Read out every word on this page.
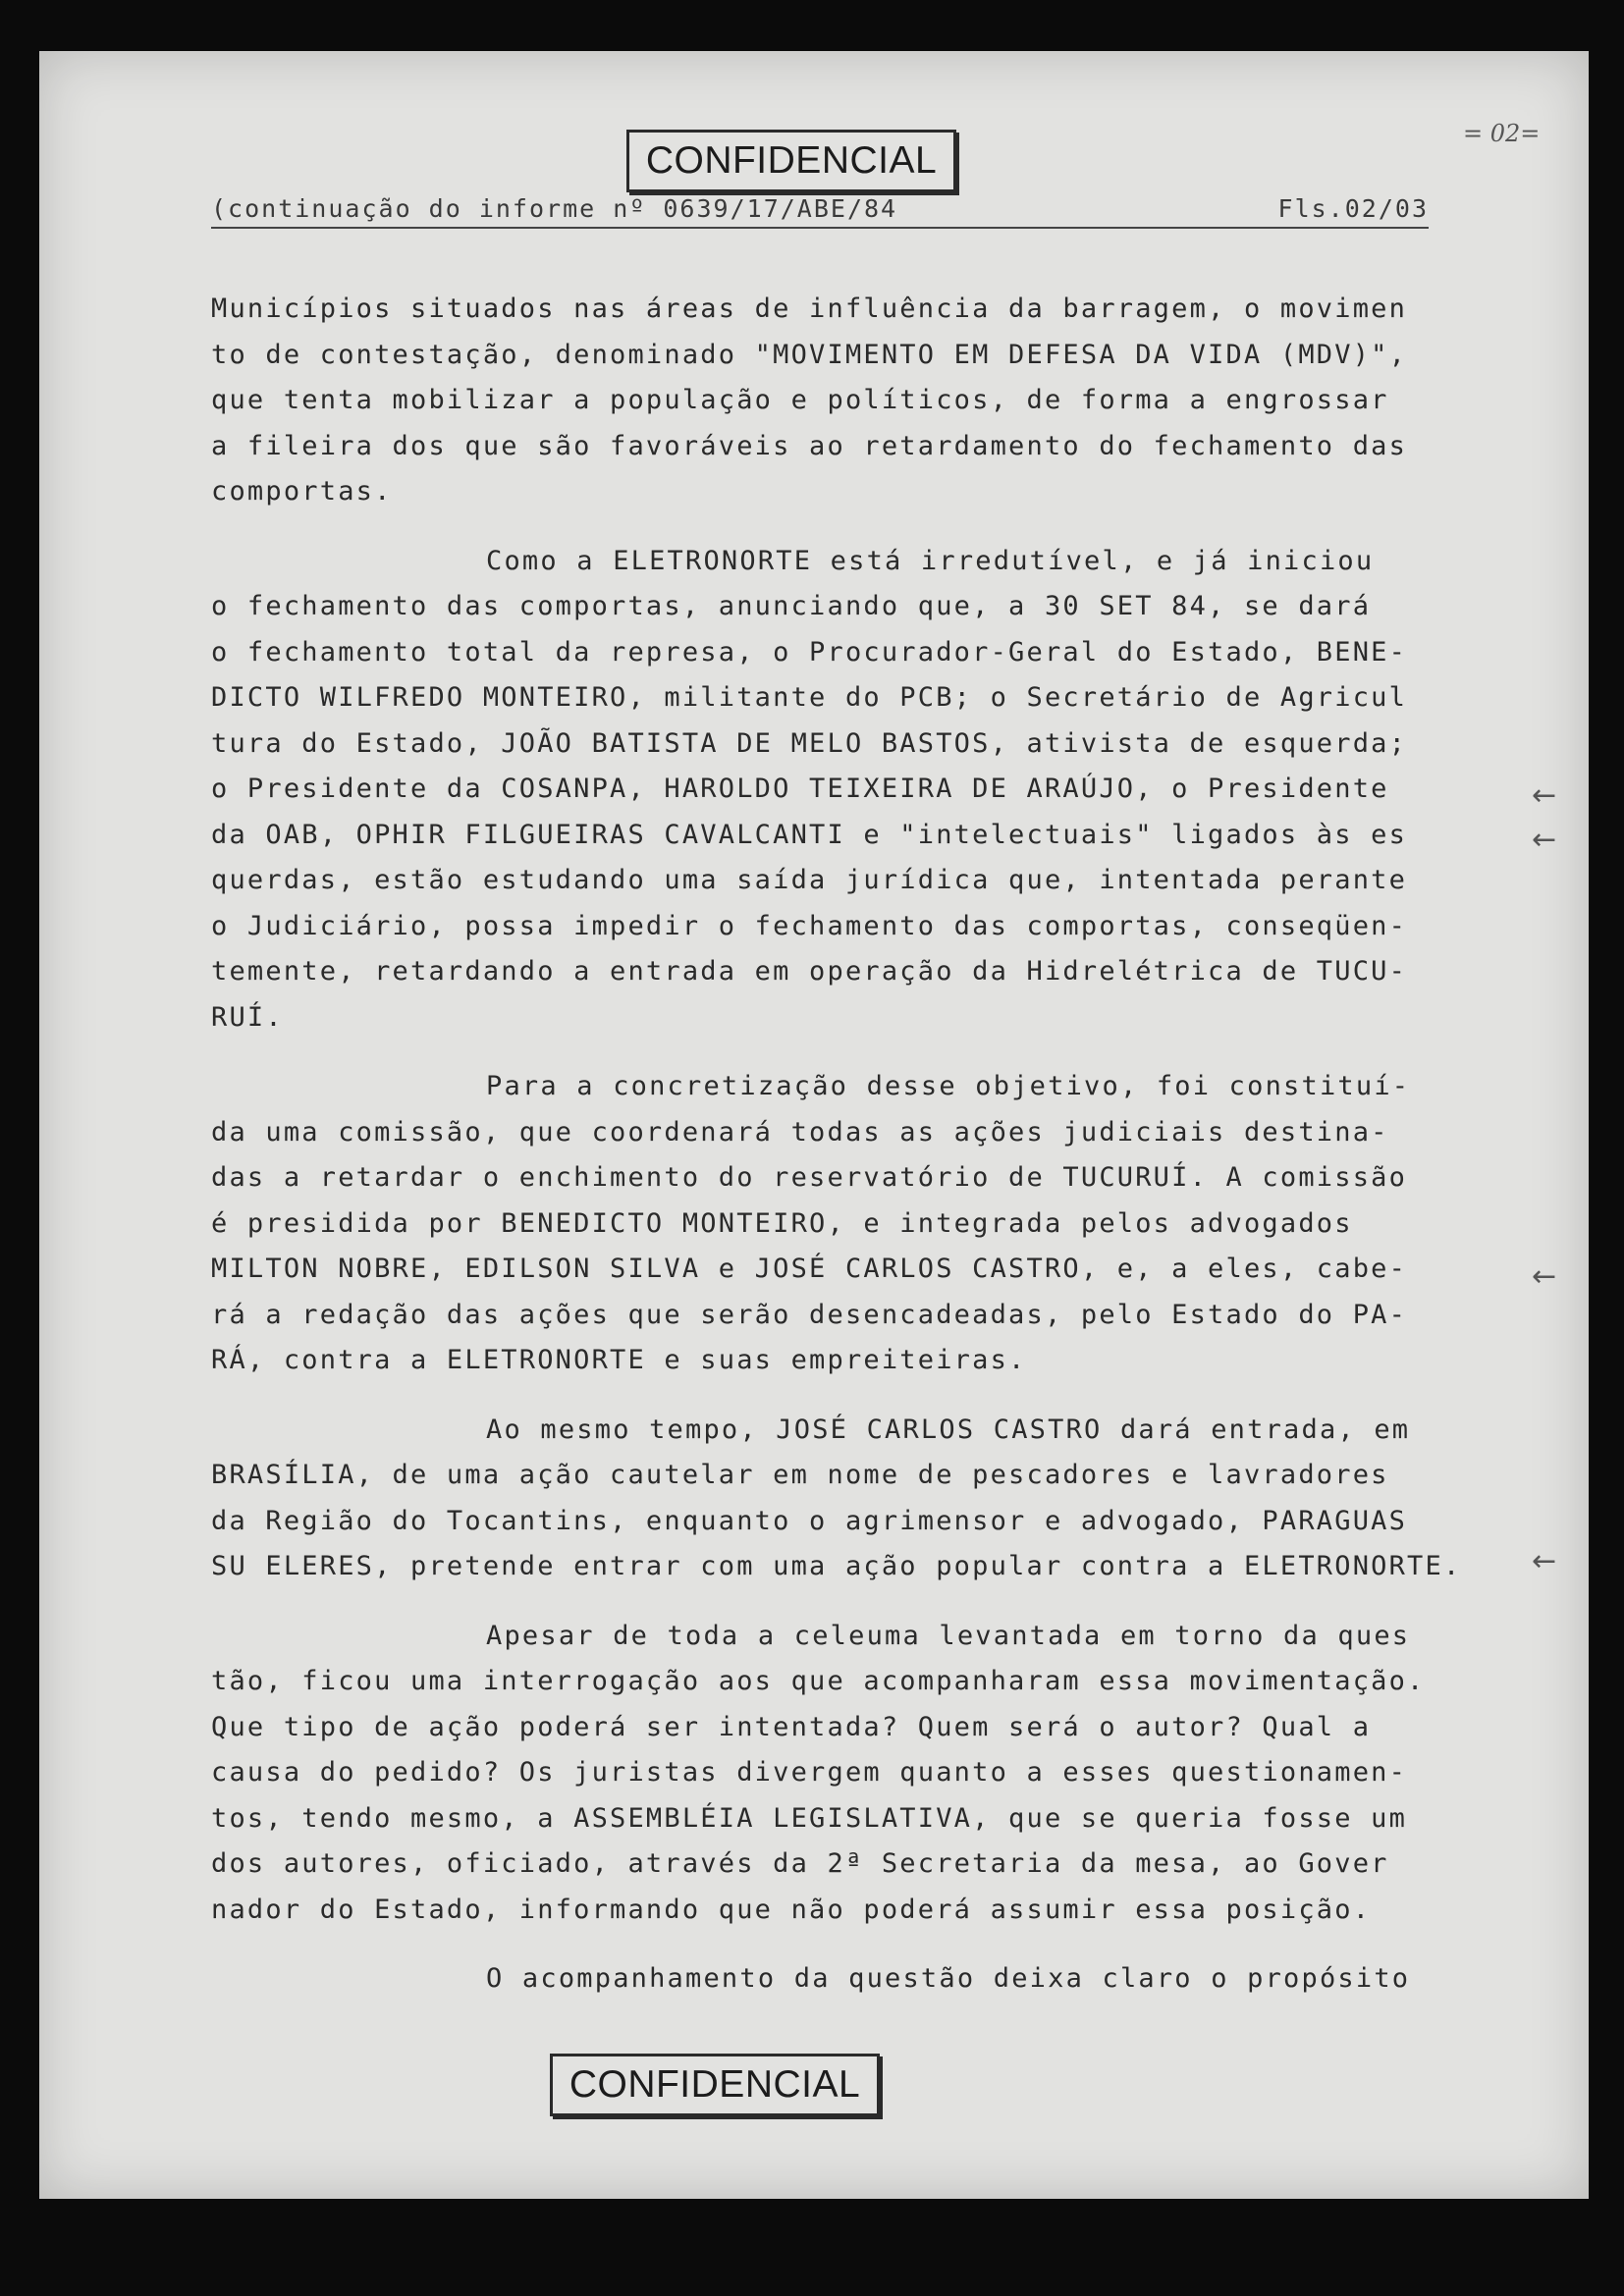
CONFIDENCIAL
= 02=
(continuação do informe nº 0639/17/ABE/84	Fls.02/03
Municípios situados nas áreas de influência da barragem, o movimen
to de contestação, denominado "MOVIMENTO EM DEFESA DA VIDA (MDV)",
que tenta mobilizar a população e políticos, de forma a engrossar
a fileira dos que são favoráveis ao retardamento do fechamento das
comportas.
Como a ELETRONORTE está irredutível, e já iniciou
o fechamento das comportas, anunciando que, a 30 SET 84, se dará
o fechamento total da represa, o Procurador-Geral do Estado, BENE-
DICTO WILFREDO MONTEIRO, militante do PCB; o Secretário de Agricul
tura do Estado, JOÃO BATISTA DE MELO BASTOS, ativista de esquerda;
o Presidente da COSANPA, HAROLDO TEIXEIRA DE ARAÚJO, o Presidente
da OAB, OPHIR FILGUEIRAS CAVALCANTI e "intelectuais" ligados às es
querdas, estão estudando uma saída jurídica que, intentada perante
o Judiciário, possa impedir o fechamento das comportas, conseqüen-
temente, retardando a entrada em operação da Hidrelétrica de TUCU-
RUÍ.
Para a concretização desse objetivo, foi constituí-
da uma comissão, que coordenará todas as ações judiciais destina-
das a retardar o enchimento do reservatório de TUCURUÍ. A comissão
é presidida por BENEDICTO MONTEIRO, e integrada pelos advogados
MILTON NOBRE, EDILSON SILVA e JOSÉ CARLOS CASTRO, e, a eles, cabe-
rá a redação das ações que serão desencadeadas, pelo Estado do PA-
RÁ, contra a ELETRONORTE e suas empreiteiras.
Ao mesmo tempo, JOSÉ CARLOS CASTRO dará entrada, em
BRASÍLIA, de uma ação cautelar em nome de pescadores e lavradores
da Região do Tocantins, enquanto o agrimensor e advogado, PARAGUAS
SU ELERES, pretende entrar com uma ação popular contra a ELETRONORTE.
Apesar de toda a celeuma levantada em torno da ques
tão, ficou uma interrogação aos que acompanharam essa movimentação.
Que tipo de ação poderá ser intentada? Quem será o autor? Qual a
causa do pedido? Os juristas divergem quanto a esses questionamen-
tos, tendo mesmo, a ASSEMBLÉIA LEGISLATIVA, que se queria fosse um
dos autores, oficiado, através da 2ª Secretaria da mesa, ao Gover
nador do Estado, informando que não poderá assumir essa posição.
O acompanhamento da questão deixa claro o propósito
←
←
←
←
CONFIDENCIAL
